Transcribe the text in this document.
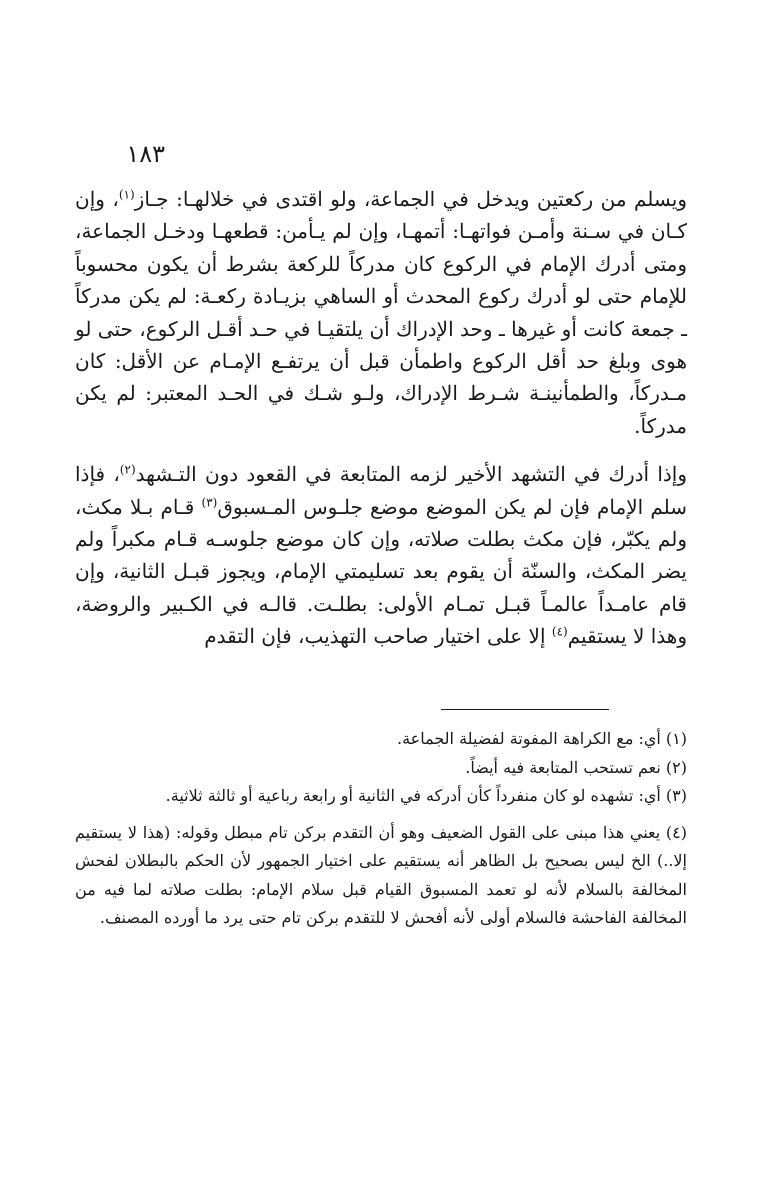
١٨٣

ويسلم من ركعتين ويدخل في الجماعة، ولو اقتدى في خلالهـا: جـاز$^{(١)}$، وإن كـان في سـنة وأمـن فواتهـا: أتمهـا، وإن لم يـأمن: قطعهـا ودخـل الجماعة، ومتى أدرك الإمام في الركوع كان مدركاً للركعة بشرط أن يكون محسوباً للإمام حتى لو أدرك ركوع المحدث أو الساهي بزيـادة ركعـة: لم يكن مدركاً ـ جمعة كانت أو غيرها ـ وحد الإدراك أن يلتقيـا في حـد أقـل الركوع، حتى لو هوى وبلغ حد أقل الركوع واطمأن قبل أن يرتفـع الإمـام عن الأقل: كان مـدركاً، والطمأنينـة شـرط الإدراك، ولـو شـك في الحـد المعتبر: لم يكن مدركاً.

وإذا أدرك في التشهد الأخير لزمه المتابعة في القعود دون التـشهد$^{(٢)}$، فإذا سلم الإمام فإن لم يكن الموضع موضع جلـوس المـسبوق$^{(٣)}$ قـام بـلا مكث، ولم يكبّر، فإن مكث بطلت صلاته، وإن كان موضع جلوسـه قـام مكبراً ولم يضر المكث، والسنّة أن يقوم بعد تسليمتي الإمام، ويجوز قبـل الثانية، وإن قام عامـداً عالمـاً قبـل تمـام الأولى: بطلـت. قالـه في الكـبير والروضة، وهذا لا يستقيم$^{(٤)}$ إلا على اختيار صاحب التهذيب، فإن التقدم

(١) أي: مع الكراهة المفوتة لفضيلة الجماعة.

(٢) نعم تستحب المتابعة فيه أيضاً.

(٣) أي: تشهده لو كان منفرداً كأن أدركه في الثانية أو رابعة رباعية أو ثالثة ثلاثية.

(٤) يعني هذا مبنى على القول الضعيف وهو أن التقدم بركن تام مبطل وقوله: (هذا لا يستقيم إلا..) الخ ليس بصحيح بل الظاهر أنه يستقيم على اختيار الجمهور لأن الحكم بالبطلان لفحش المخالفة بالسلام لأنه لو تعمد المسبوق القيام قبل سلام الإمام: بطلت صلاته لما فيه من المخالفة الفاحشة فالسلام أولى لأنه أفحش لا للتقدم بركن تام حتى يرد ما أورده المصنف.
